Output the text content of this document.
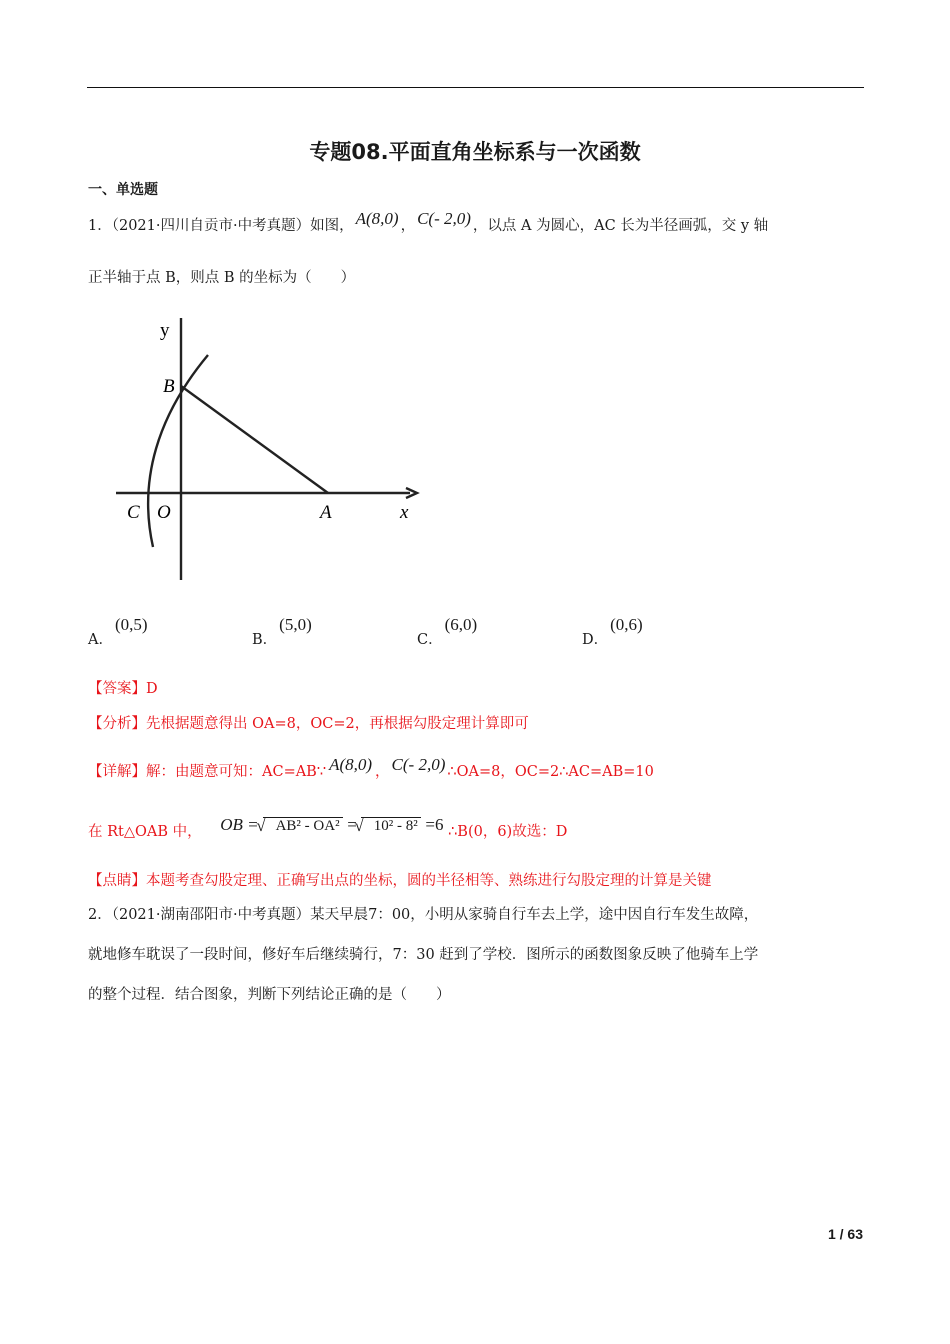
专题08.平面直角坐标系与一次函数
一、单选题
1．（2021·四川自贡市·中考真题）如图， A(8,0) ， C(- 2,0) ，以点 A 为圆心，AC 长为半径画弧，交 y 轴
正半轴于点 B，则点 B 的坐标为（　　）
y
x
B
C O	A
A．(0,5)
B．(5,0)
C．(6,0)
D．(0,6)
【答案】D
【分析】先根据题意得出 OA=8，OC=2，再根据勾股定理计算即可
【详解】解：由题意可知：AC=AB∵ A(8,0) ， C(- 2,0) ∴OA=8，OC=2∴AC=AB=10
在 Rt△OAB 中， OB = √ AB² - OA² = √ 10² - 8² =6 ∴B(0，6)故选：D
【点睛】本题考查勾股定理、正确写出点的坐标，圆的半径相等、熟练进行勾股定理的计算是关键
2．（2021·湖南邵阳市·中考真题）某天早晨7：00，小明从家骑自行车去上学，途中因自行车发生故障，
就地修车耽误了一段时间，修好车后继续骑行，7：30 赶到了学校．图所示的函数图象反映了他骑车上学
的整个过程．结合图象，判断下列结论正确的是（　　）
1 / 63
